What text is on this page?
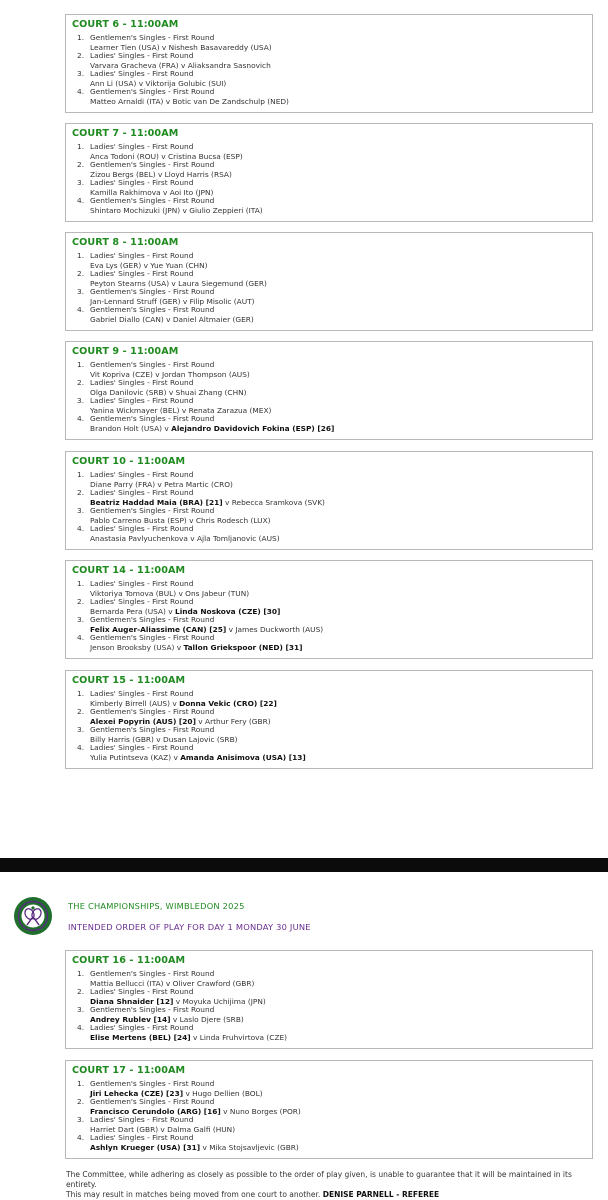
COURT 6 - 11:00AM
1. Gentlemen's Singles - First Round
Learner Tien (USA) v Nishesh Basavareddy (USA)
2. Ladies' Singles - First Round
Varvara Gracheva (FRA) v Aliaksandra Sasnovich
3. Ladies' Singles - First Round
Ann Li (USA) v Viktorija Golubic (SUI)
4. Gentlemen's Singles - First Round
Matteo Arnaldi (ITA) v Botic van De Zandschulp (NED)
COURT 7 - 11:00AM
1. Ladies' Singles - First Round
Anca Todoni (ROU) v Cristina Bucsa (ESP)
2. Gentlemen's Singles - First Round
Zizou Bergs (BEL) v Lloyd Harris (RSA)
3. Ladies' Singles - First Round
Kamilla Rakhimova v Aoi Ito (JPN)
4. Gentlemen's Singles - First Round
Shintaro Mochizuki (JPN) v Giulio Zeppieri (ITA)
COURT 8 - 11:00AM
1. Ladies' Singles - First Round
Eva Lys (GER) v Yue Yuan (CHN)
2. Ladies' Singles - First Round
Peyton Stearns (USA) v Laura Siegemund (GER)
3. Gentlemen's Singles - First Round
Jan-Lennard Struff (GER) v Filip Misolic (AUT)
4. Gentlemen's Singles - First Round
Gabriel Diallo (CAN) v Daniel Altmaier (GER)
COURT 9 - 11:00AM
1. Gentlemen's Singles - First Round
Vit Kopriva (CZE) v Jordan Thompson (AUS)
2. Ladies' Singles - First Round
Olga Danilovic (SRB) v Shuai Zhang (CHN)
3. Ladies' Singles - First Round
Yanina Wickmayer (BEL) v Renata Zarazua (MEX)
4. Gentlemen's Singles - First Round
Brandon Holt (USA) v Alejandro Davidovich Fokina (ESP) [26]
COURT 10 - 11:00AM
1. Ladies' Singles - First Round
Diane Parry (FRA) v Petra Martic (CRO)
2. Ladies' Singles - First Round
Beatriz Haddad Maia (BRA) [21] v Rebecca Sramkova (SVK)
3. Gentlemen's Singles - First Round
Pablo Carreno Busta (ESP) v Chris Rodesch (LUX)
4. Ladies' Singles - First Round
Anastasia Pavlyuchenkova v Ajla Tomljanovic (AUS)
COURT 14 - 11:00AM
1. Ladies' Singles - First Round
Viktoriya Tomova (BUL) v Ons Jabeur (TUN)
2. Ladies' Singles - First Round
Bernarda Pera (USA) v Linda Noskova (CZE) [30]
3. Gentlemen's Singles - First Round
Felix Auger-Aliassime (CAN) [25] v James Duckworth (AUS)
4. Gentlemen's Singles - First Round
Jenson Brooksby (USA) v Tallon Griekspoor (NED) [31]
COURT 15 - 11:00AM
1. Ladies' Singles - First Round
Kimberly Birrell (AUS) v Donna Vekic (CRO) [22]
2. Gentlemen's Singles - First Round
Alexei Popyrin (AUS) [20] v Arthur Fery (GBR)
3. Gentlemen's Singles - First Round
Billy Harris (GBR) v Dusan Lajovic (SRB)
4. Ladies' Singles - First Round
Yulia Putintseva (KAZ) v Amanda Anisimova (USA) [13]
THE CHAMPIONSHIPS, WIMBLEDON 2025
INTENDED ORDER OF PLAY FOR DAY 1 MONDAY 30 JUNE
The Committee, while adhering as closely as possible to the order of play given, is unable to guarantee that it will be maintained in its entirety.
This may result in matches being moved from one court to another. DENISE PARNELL - REFEREE
COURT 16 - 11:00AM
1. Gentlemen's Singles - First Round
Mattia Bellucci (ITA) v Oliver Crawford (GBR)
2. Ladies' Singles - First Round
Diana Shnaider [12] v Moyuka Uchijima (JPN)
3. Gentlemen's Singles - First Round
Andrey Rublev [14] v Laslo Djere (SRB)
4. Ladies' Singles - First Round
Elise Mertens (BEL) [24] v Linda Fruhvirtova (CZE)
COURT 17 - 11:00AM
1. Gentlemen's Singles - First Round
Jiri Lehecka (CZE) [23] v Hugo Dellien (BOL)
2. Gentlemen's Singles - First Round
Francisco Cerundolo (ARG) [16] v Nuno Borges (POR)
3. Ladies' Singles - First Round
Harriet Dart (GBR) v Dalma Galfi (HUN)
4. Ladies' Singles - First Round
Ashlyn Krueger (USA) [31] v Mika Stojsavljevic (GBR)
